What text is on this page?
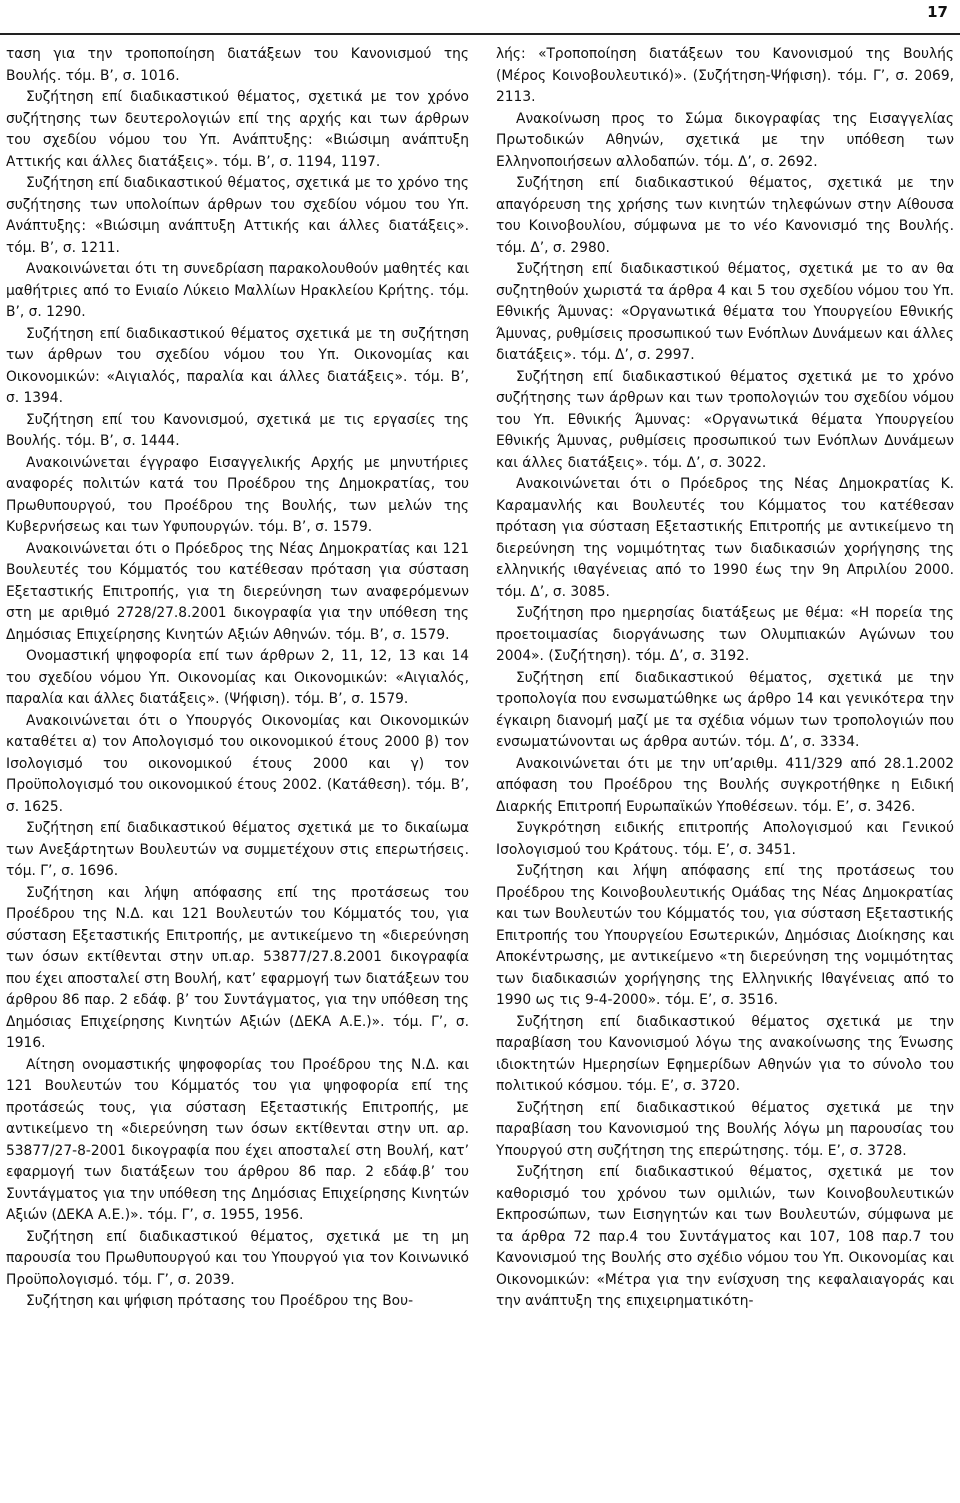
17

ταση για την τροποποίηση διατάξεων του Κανονισμού της Βουλής. τόμ. Β’, σ. 1016.

Συζήτηση επί διαδικαστικού θέματος, σχετικά με τον χρόνο συζήτησης των δευτερολογιών επί της αρχής και των άρθρων του σχεδίου νόμου του Υπ. Ανάπτυξης: «Βιώσιμη ανάπτυξη Αττικής και άλλες διατάξεις». τόμ. Β’, σ. 1194, 1197.

Συζήτηση επί διαδικαστικού θέματος, σχετικά με το χρόνο της συζήτησης των υπολοίπων άρθρων του σχεδίου νόμου του Υπ. Ανάπτυξης: «Βιώσιμη ανάπτυξη Αττικής και άλλες διατάξεις». τόμ. Β’, σ. 1211.

Ανακοινώνεται ότι τη συνεδρίαση παρακολουθούν μαθητές και μαθήτριες από το Ενιαίο Λύκειο Μαλλίων Ηρακλείου Κρήτης. τόμ. Β’, σ. 1290.

Συζήτηση επί διαδικαστικού θέματος σχετικά με τη συζήτηση των άρθρων του σχεδίου νόμου του Υπ. Οικονομίας και Οικονομικών: «Αιγιαλός, παραλία και άλλες διατάξεις». τόμ. Β’, σ. 1394.

Συζήτηση επί του Κανονισμού, σχετικά με τις εργασίες της Βουλής. τόμ. Β’, σ. 1444.

Ανακοινώνεται έγγραφο Εισαγγελικής Αρχής με μηνυτήριες αναφορές πολιτών κατά του Προέδρου της Δημοκρατίας, του Πρωθυπουργού, του Προέδρου της Βουλής, των μελών της Κυβερνήσεως και των Υφυπουργών. τόμ. Β’, σ. 1579.

Ανακοινώνεται ότι ο Πρόεδρος της Νέας Δημοκρατίας και 121 Βουλευτές του Κόμματός του κατέθεσαν πρόταση για σύσταση Εξεταστικής Επιτροπής, για τη διερεύνηση των αναφερόμενων στη με αριθμό 2728/27.8.2001 δικογραφία για την υπόθεση της Δημόσιας Επιχείρησης Κινητών Αξιών Αθηνών. τόμ. Β’, σ. 1579.

Ονομαστική ψηφοφορία επί των άρθρων 2, 11, 12, 13 και 14 του σχεδίου νόμου Υπ. Οικονομίας και Οικονομικών: «Αιγιαλός, παραλία και άλλες διατάξεις». (Ψήφιση). τόμ. Β’, σ. 1579.

Ανακοινώνεται ότι ο Υπουργός Οικονομίας και Οικονομικών καταθέτει α) τον Απολογισμό του οικονομικού έτους 2000 β) τον Ισολογισμό του οικονομικού έτους 2000 και γ) τον Προϋπολογισμό του οικονομικού έτους 2002. (Κατάθεση). τόμ. Β’, σ. 1625.

Συζήτηση επί διαδικαστικού θέματος σχετικά με το δικαίωμα των Ανεξάρτητων Βουλευτών να συμμετέχουν στις επερωτήσεις. τόμ. Γ’, σ. 1696.

Συζήτηση και λήψη απόφασης επί της προτάσεως του Προέδρου της Ν.Δ. και 121 Βουλευτών του Κόμματός του, για σύσταση Εξεταστικής Επιτροπής, με αντικείμενο τη «διερεύνηση των όσων εκτίθενται στην υπ.αρ. 53877/27.8.2001 δικογραφία που έχει αποσταλεί στη Βουλή, κατ’ εφαρμογή των διατάξεων του άρθρου 86 παρ. 2 εδάφ. β’ του Συντάγματος, για την υπόθεση της Δημόσιας Επιχείρησης Κινητών Αξιών (ΔΕΚΑ Α.Ε.)». τόμ. Γ’, σ. 1916.

Αίτηση ονομαστικής ψηφοφορίας του Προέδρου της Ν.Δ. και 121 Βουλευτών του Κόμματός του για ψηφοφορία επί της προτάσεώς τους, για σύσταση Εξεταστικής Επιτροπής, με αντικείμενο τη «διερεύνηση των όσων εκτίθενται στην υπ. αρ. 53877/27-8-2001 δικογραφία που έχει αποσταλεί στη Βουλή, κατ’ εφαρμογή των διατάξεων του άρθρου 86 παρ. 2 εδάφ.β’ του Συντάγματος για την υπόθεση της Δημόσιας Επιχείρησης Κινητών Αξιών (ΔΕΚΑ Α.Ε.)». τόμ. Γ’, σ. 1955, 1956.

Συζήτηση επί διαδικαστικού θέματος, σχετικά με τη μη παρουσία του Πρωθυπουργού και του Υπουργού για τον Κοινωνικό Προϋπολογισμό. τόμ. Γ’, σ. 2039.

Συζήτηση και ψήφιση πρότασης του Προέδρου της Βου-

λής: «Τροποποίηση διατάξεων του Κανονισμού της Βουλής (Μέρος Κοινοβουλευτικό)». (Συζήτηση-Ψήφιση). τόμ. Γ’, σ. 2069, 2113.

Ανακοίνωση προς το Σώμα δικογραφίας της Εισαγγελίας Πρωτοδικών Αθηνών, σχετικά με την υπόθεση των Ελληνοποιήσεων αλλοδαπών. τόμ. Δ’, σ. 2692.

Συζήτηση επί διαδικαστικού θέματος, σχετικά με την απαγόρευση της χρήσης των κινητών τηλεφώνων στην Αίθουσα του Κοινοβουλίου, σύμφωνα με το νέο Κανονισμό της Βουλής. τόμ. Δ’, σ. 2980.

Συζήτηση επί διαδικαστικού θέματος, σχετικά με το αν θα συζητηθούν χωριστά τα άρθρα 4 και 5 του σχεδίου νόμου του Υπ. Εθνικής Άμυνας: «Οργανωτικά θέματα του Υπουργείου Εθνικής Άμυνας, ρυθμίσεις προσωπικού των Ενόπλων Δυνάμεων και άλλες διατάξεις». τόμ. Δ’, σ. 2997.

Συζήτηση επί διαδικαστικού θέματος σχετικά με το χρόνο συζήτησης των άρθρων και των τροπολογιών του σχεδίου νόμου του Υπ. Εθνικής Άμυνας: «Οργανωτικά θέματα Υπουργείου Εθνικής Άμυνας, ρυθμίσεις προσωπικού των Ενόπλων Δυνάμεων και άλλες διατάξεις». τόμ. Δ’, σ. 3022.

Ανακοινώνεται ότι ο Πρόεδρος της Νέας Δημοκρατίας Κ. Καραμανλής και Βουλευτές του Κόμματος του κατέθεσαν πρόταση για σύσταση Εξεταστικής Επιτροπής με αντικείμενο τη διερεύνηση της νομιμότητας των διαδικασιών χορήγησης της ελληνικής ιθαγένειας από το 1990 έως την 9η Απριλίου 2000. τόμ. Δ’, σ. 3085.

Συζήτηση προ ημερησίας διατάξεως με θέμα: «Η πορεία της προετοιμασίας διοργάνωσης των Ολυμπιακών Αγώνων του 2004». (Συζήτηση). τόμ. Δ’, σ. 3192.

Συζήτηση επί διαδικαστικού θέματος, σχετικά με την τροπολογία που ενσωματώθηκε ως άρθρο 14 και γενικότερα την έγκαιρη διανομή μαζί με τα σχέδια νόμων των τροπολογιών που ενσωματώνονται ως άρθρα αυτών. τόμ. Δ’, σ. 3334.

Ανακοινώνεται ότι με την υπ’αριθμ. 411/329 από 28.1.2002 απόφαση του Προέδρου της Βουλής συγκροτήθηκε η Ειδική Διαρκής Επιτροπή Ευρωπαϊκών Υποθέσεων. τόμ. Ε’, σ. 3426.

Συγκρότηση ειδικής επιτροπής Απολογισμού και Γενικού Ισολογισμού του Κράτους. τόμ. Ε’, σ. 3451.

Συζήτηση και λήψη απόφασης επί της προτάσεως του Προέδρου της Κοινοβουλευτικής Ομάδας της Νέας Δημοκρατίας και των Βουλευτών του Κόμματός του, για σύσταση Εξεταστικής Επιτροπής του Υπουργείου Εσωτερικών, Δημόσιας Διοίκησης και Αποκέντρωσης, με αντικείμενο «τη διερεύνηση της νομιμότητας των διαδικασιών χορήγησης της Ελληνικής Ιθαγένειας από το 1990 ως τις 9-4-2000». τόμ. Ε’, σ. 3516.

Συζήτηση επί διαδικαστικού θέματος σχετικά με την παραβίαση του Κανονισμού λόγω της ανακοίνωσης της Ένωσης ιδιοκτητών Ημερησίων Εφημερίδων Αθηνών για το σύνολο του πολιτικού κόσμου. τόμ. Ε’, σ. 3720.

Συζήτηση επί διαδικαστικού θέματος σχετικά με την παραβίαση του Κανονισμού της Βουλής λόγω μη παρουσίας του Υπουργού στη συζήτηση της επερώτησης. τόμ. Ε’, σ. 3728.

Συζήτηση επί διαδικαστικού θέματος, σχετικά με τον καθορισμό του χρόνου των ομιλιών, των Κοινοβουλευτικών Εκπροσώπων, των Εισηγητών και των Βουλευτών, σύμφωνα με τα άρθρα 72 παρ.4 του Συντάγματος και 107, 108 παρ.7 του Κανονισμού της Βουλής στο σχέδιο νόμου του Υπ. Οικονομίας και Οικονομικών: «Μέτρα για την ενίσχυση της κεφαλαιαγοράς και την ανάπτυξη της επιχειρηματικότη-
